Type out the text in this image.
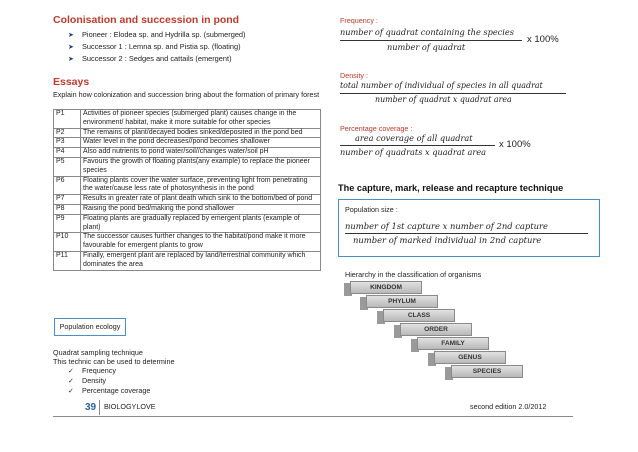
Colonisation and succession in pond
➤ Pioneer : Elodea sp. and Hydrilla sp. (submerged)
➤ Successor 1 : Lemna sp. and Pistia sp. (floating)
➤ Successor 2 : Sedges and cattails (emergent)
Essays
Explain how colonization and succession bring about the formation of primary forest
P1	Activities of pioneer species (submerged plant) causes change in the environment/ habitat, make it more suitable for other species
P2	The remains of plant/decayed bodies sinked/deposited in the pond bed
P3	Water level in the pond decreases//pond becomes shallower
P4	Also add nutrients to pond water/soil//changes water/soil pH
P5	Favours the growth of floating plants(any example) to replace the pioneer species
P6	Floating plants cover the water surface, preventing light from penetrating the water/cause less rate of photosynthesis in the pond
P7	Results in greater rate of plant death which sink to the bottom/bed of pond
P8	Raising the pond bed/making the pond shallower
P9	Floating plants are gradually replaced by emergent plants (example of plant)
P10	The successor causes further changes to the habitat/pond make it more favourable for emergent plants to grow
P11	Finally, emergent plant are replaced by land/terrestrial community which dominates the area
Population ecology
Quadrat sampling technique
This technic can be used to determine
✓ Frequency
✓ Density
✓ Percentage coverage
39 BIOLOGYLOVE	second edition 2.0/2012
Frequency :
number of quadrat containing the species
number of quadrat
x 100%
Density :
total number of individual of species in all quadrat
number of quadrat x quadrat area
Percentage coverage :
area coverage of all quadrat
number of quadrats x quadrat area
x 100%
The capture, mark, release and recapture technique
Population size :
number of 1st capture x number of 2nd capture
number of marked individual in 2nd capture
Hierarchy in the classification of organisms
KINGDOM
PHYLUM
CLASS
ORDER
FAMILY
GENUS
SPECIES
